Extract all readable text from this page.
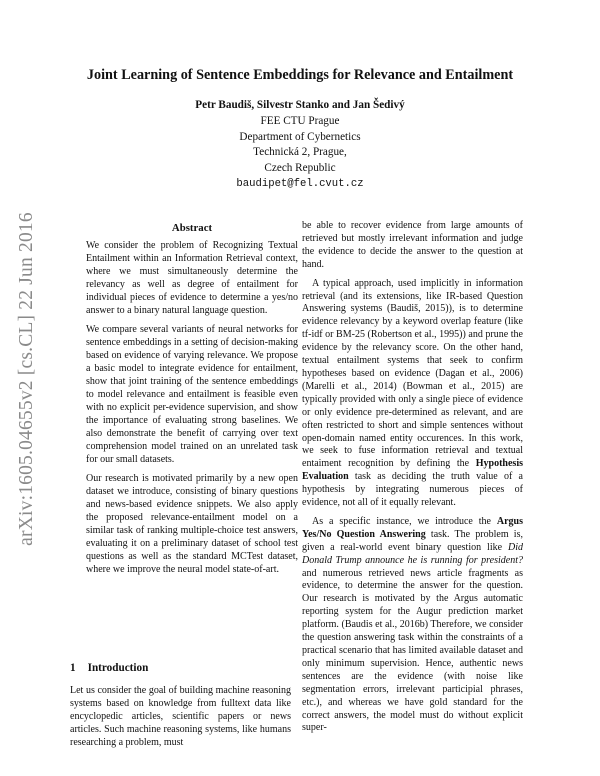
arXiv:1605.04655v2 [cs.CL] 22 Jun 2016
Joint Learning of Sentence Embeddings for Relevance and Entailment
Petr Baudiš, Silvestr Stanko and Jan Šedivý
FEE CTU Prague
Department of Cybernetics
Technická 2, Prague,
Czech Republic
baudipet@fel.cvut.cz
Abstract

We consider the problem of Recognizing Textual Entailment within an Information Retrieval context, where we must simultaneously determine the relevancy as well as degree of entailment for individual pieces of evidence to determine a yes/no answer to a binary natural language question.

We compare several variants of neural networks for sentence embeddings in a setting of decision-making based on evidence of varying relevance. We propose a basic model to integrate evidence for entailment, show that joint training of the sentence embeddings to model relevance and entailment is feasible even with no explicit per-evidence supervision, and show the importance of evaluating strong baselines. We also demonstrate the benefit of carrying over text comprehension model trained on an unrelated task for our small datasets.

Our research is motivated primarily by a new open dataset we introduce, consisting of binary questions and news-based evidence snippets. We also apply the proposed relevance-entailment model on a similar task of ranking multiple-choice test answers, evaluating it on a preliminary dataset of school test questions as well as the standard MCTest dataset, where we improve the neural model state-of-art.

1 Introduction

Let us consider the goal of building machine reasoning systems based on knowledge from fulltext data like encyclopedic articles, scientific papers or news articles. Such machine reasoning systems, like humans researching a problem, must

be able to recover evidence from large amounts of retrieved but mostly irrelevant information and judge the evidence to decide the answer to the question at hand.

A typical approach, used implicitly in information retrieval (and its extensions, like IR-based Question Answering systems (Baudiš, 2015)), is to determine evidence relevancy by a keyword overlap feature (like tf-idf or BM-25 (Robertson et al., 1995)) and prune the evidence by the relevancy score. On the other hand, textual entailment systems that seek to confirm hypotheses based on evidence (Dagan et al., 2006) (Marelli et al., 2014) (Bowman et al., 2015) are typically provided with only a single piece of evidence or only evidence pre-determined as relevant, and are often restricted to short and simple sentences without open-domain named entity occurences. In this work, we seek to fuse information retrieval and textual entaiment recognition by defining the Hypothesis Evaluation task as deciding the truth value of a hypothesis by integrating numerous pieces of evidence, not all of it equally relevant.

As a specific instance, we introduce the Argus Yes/No Question Answering task. The problem is, given a real-world event binary question like Did Donald Trump announce he is running for president? and numerous retrieved news article fragments as evidence, to determine the answer for the question. Our research is motivated by the Argus automatic reporting system for the Augur prediction market platform. (Baudis et al., 2016b) Therefore, we consider the question answering task within the constraints of a practical scenario that has limited available dataset and only minimum supervision. Hence, authentic news sentences are the evidence (with noise like segmentation errors, irrelevant participial phrases, etc.), and whereas we have gold standard for the correct answers, the model must do without explicit super-
